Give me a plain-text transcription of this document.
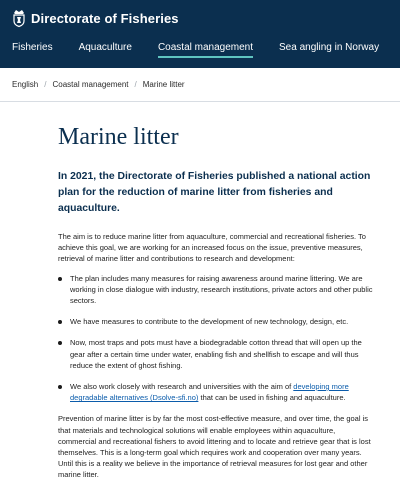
Directorate of Fisheries
Fisheries	Aquaculture	Coastal management	Sea angling in Norway
English / Coastal management / Marine litter
Marine litter

In 2021, the Directorate of Fisheries published a national action plan for the reduction of marine litter from fisheries and aquaculture.

The aim is to reduce marine litter from aquaculture, commercial and recreational fisheries. To achieve this goal, we are working for an increased focus on the issue, preventive measures, retrieval of marine litter and contributions to research and development:

The plan includes many measures for raising awareness around marine littering. We are working in close dialogue with industry, research institutions, private actors and other public sectors.
We have measures to contribute to the development of new technology, design, etc.
Now, most traps and pots must have a biodegradable cotton thread that will open up the gear after a certain time under water, enabling fish and shellfish to escape and will thus reduce the extent of ghost fishing.
We also work closely with research and universities with the aim of developing more degradable alternatives (Dsolve-sfi.no) that can be used in fishing and aquaculture.

Prevention of marine litter is by far the most cost-effective measure, and over time, the goal is that materials and technological solutions will enable employees within aquaculture, commercial and recreational fishers to avoid littering and to locate and retrieve gear that is lost themselves. This is a long-term goal which requires work and cooperation over many years. Until this is a reality we believe in the importance of retrieval measures for lost gear and other marine litter.
